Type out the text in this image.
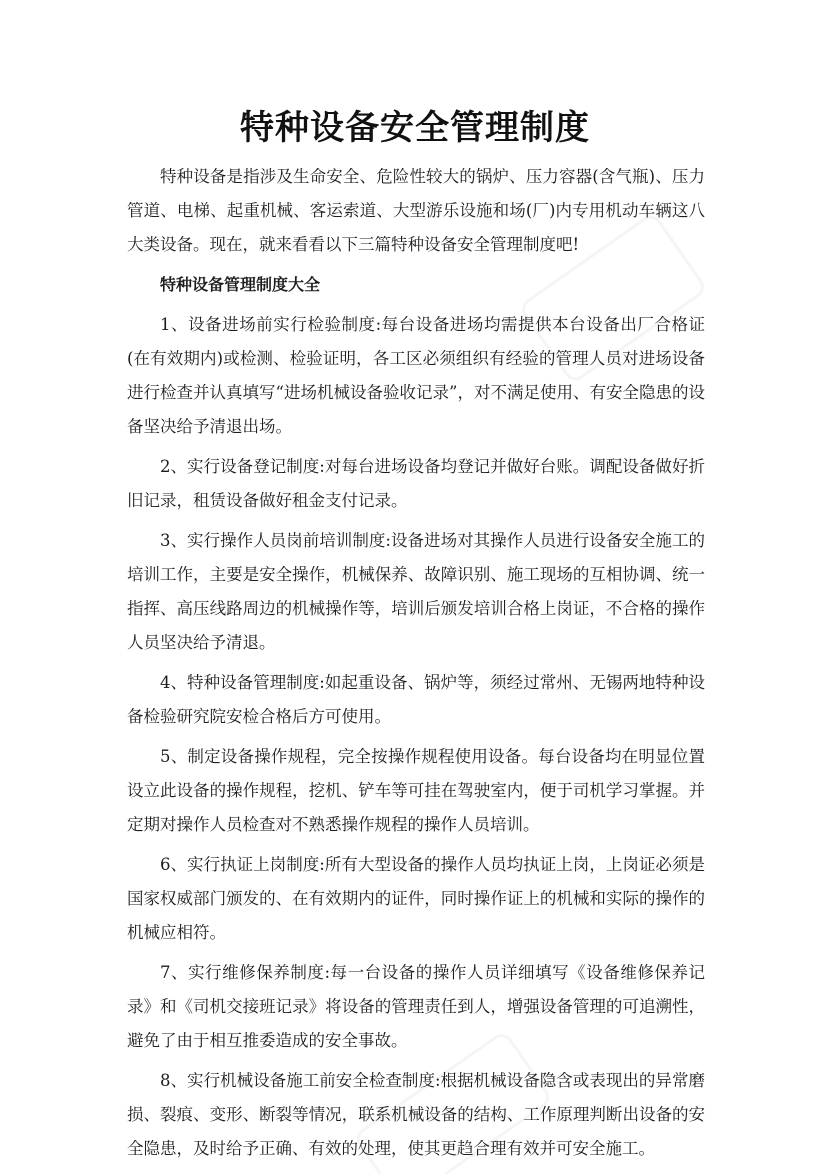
特种设备安全管理制度

特种设备是指涉及生命安全、危险性较大的锅炉、压力容器(含气瓶)、压力管道、电梯、起重机械、客运索道、大型游乐设施和场(厂)内专用机动车辆这八大类设备。现在，就来看看以下三篇特种设备安全管理制度吧!

特种设备管理制度大全

1、设备进场前实行检验制度:每台设备进场均需提供本台设备出厂合格证(在有效期内)或检测、检验证明，各工区必须组织有经验的管理人员对进场设备进行检查并认真填写“进场机械设备验收记录”，对不满足使用、有安全隐患的设备坚决给予清退出场。

2、实行设备登记制度:对每台进场设备均登记并做好台账。调配设备做好折旧记录，租赁设备做好租金支付记录。

3、实行操作人员岗前培训制度:设备进场对其操作人员进行设备安全施工的培训工作，主要是安全操作，机械保养、故障识别、施工现场的互相协调、统一指挥、高压线路周边的机械操作等，培训后颁发培训合格上岗证，不合格的操作人员坚决给予清退。

4、特种设备管理制度:如起重设备、锅炉等，须经过常州、无锡两地特种设备检验研究院安检合格后方可使用。

5、制定设备操作规程，完全按操作规程使用设备。每台设备均在明显位置设立此设备的操作规程，挖机、铲车等可挂在驾驶室内，便于司机学习掌握。并定期对操作人员检查对不熟悉操作规程的操作人员培训。

6、实行执证上岗制度:所有大型设备的操作人员均执证上岗，上岗证必须是国家权威部门颁发的、在有效期内的证件，同时操作证上的机械和实际的操作的机械应相符。

7、实行维修保养制度:每一台设备的操作人员详细填写《设备维修保养记录》和《司机交接班记录》将设备的管理责任到人，增强设备管理的可追溯性，避免了由于相互推委造成的安全事故。

8、实行机械设备施工前安全检查制度:根据机械设备隐含或表现出的异常磨损、裂痕、变形、断裂等情况，联系机械设备的结构、工作原理判断出设备的安全隐患，及时给予正确、有效的处理，使其更趋合理有效并可安全施工。
